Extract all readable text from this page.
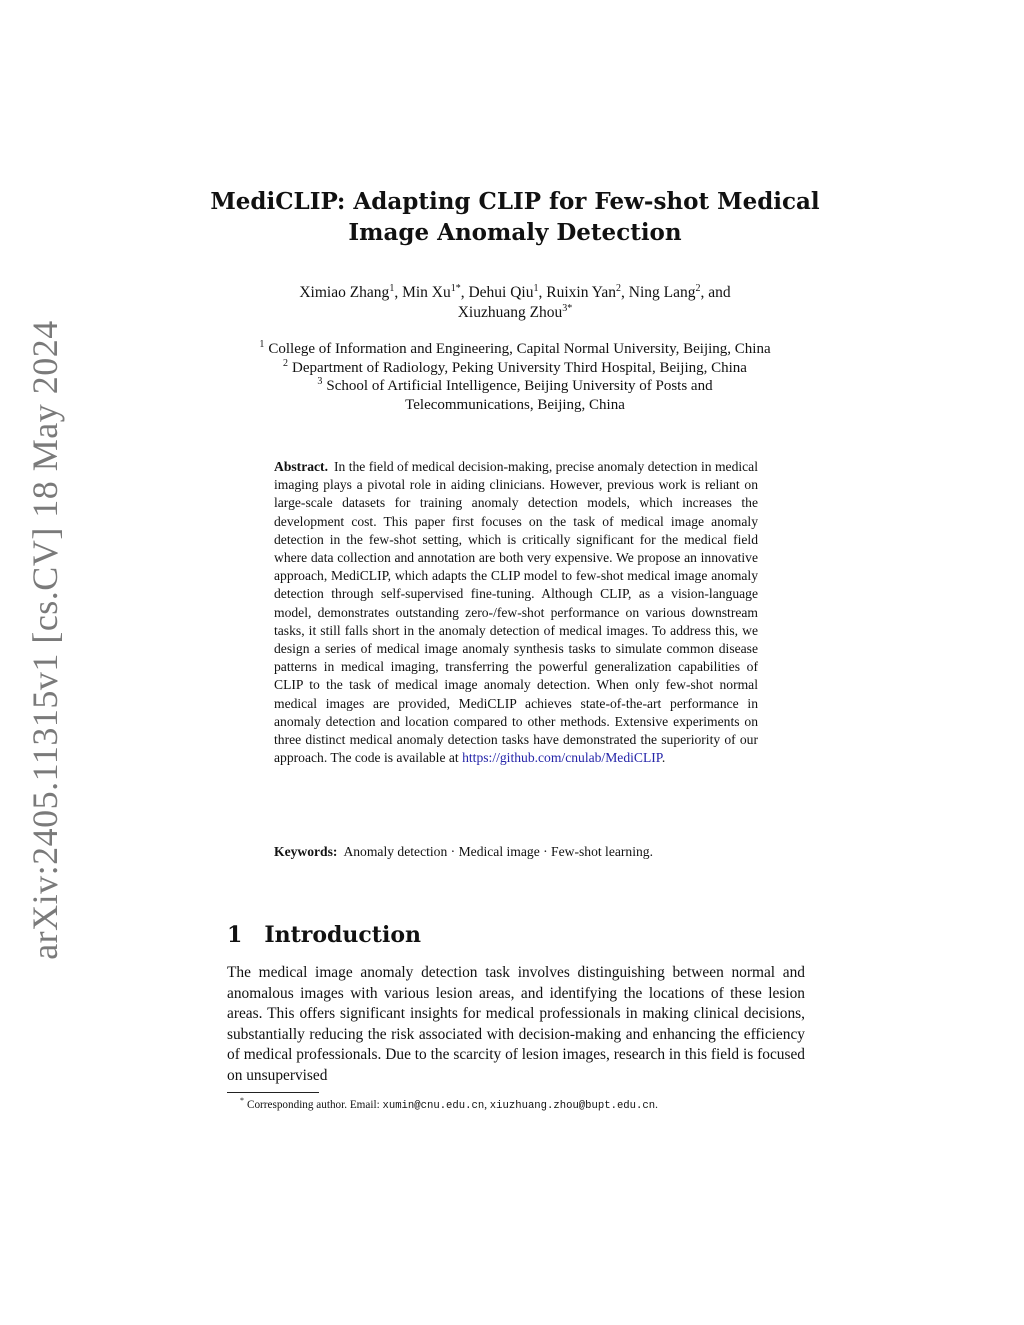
arXiv:2405.11315v1 [cs.CV] 18 May 2024
MediCLIP: Adapting CLIP for Few-shot Medical
Image Anomaly Detection
Ximiao Zhang$^1$, Min $Xu^{1*}$, Dehui Qiu$^1$, Ruixin Yan$^2$, Ning Lang$^2$, and
Xiuzhuang Zhou$^{3*}$
$^1$ College of Information and Engineering, Capital Normal University, Beijing, China
$^2$ Department of Radiology, Peking University Third Hospital, Beijing, China
$^3$ School of Artificial Intelligence, Beijing University of Posts and
Telecommunications, Beijing, China
Abstract. In the field of medical decision-making, precise anomaly detection in medical imaging plays a pivotal role in aiding clinicians. However, previous work is reliant on large-scale datasets for training anomaly detection models, which increases the development cost. This paper first focuses on the task of medical image anomaly detection in the few-shot setting, which is critically significant for the medical field where data collection and annotation are both very expensive. We propose an innovative approach, MediCLIP, which adapts the CLIP model to few-shot medical image anomaly detection through self-supervised fine-tuning. Although CLIP, as a vision-language model, demonstrates outstanding zero-/few-shot performance on various downstream tasks, it still falls short in the anomaly detection of medical images. To address this, we design a series of medical image anomaly synthesis tasks to simulate common disease patterns in medical imaging, transferring the powerful generalization capabilities of CLIP to the task of medical image anomaly detection. When only few-shot normal medical images are provided, MediCLIP achieves state-of-the-art performance in anomaly detection and location compared to other methods. Extensive experiments on three distinct medical anomaly detection tasks have demonstrated the superiority of our approach. The code is available at https://github.com/cnulab/MediCLIP.
Keywords: Anomaly detection · Medical image · Few-shot learning.
1 Introduction
The medical image anomaly detection task involves distinguishing between normal and anomalous images with various lesion areas, and identifying the locations of these lesion areas. This offers significant insights for medical professionals in making clinical decisions, substantially reducing the risk associated with decision-making and enhancing the efficiency of medical professionals. Due to the scarcity of lesion images, research in this field is focused on unsupervised
* Corresponding author. Email: xumin@cnu.edu.cn, xiuzhuang.zhou@bupt.edu.cn.
